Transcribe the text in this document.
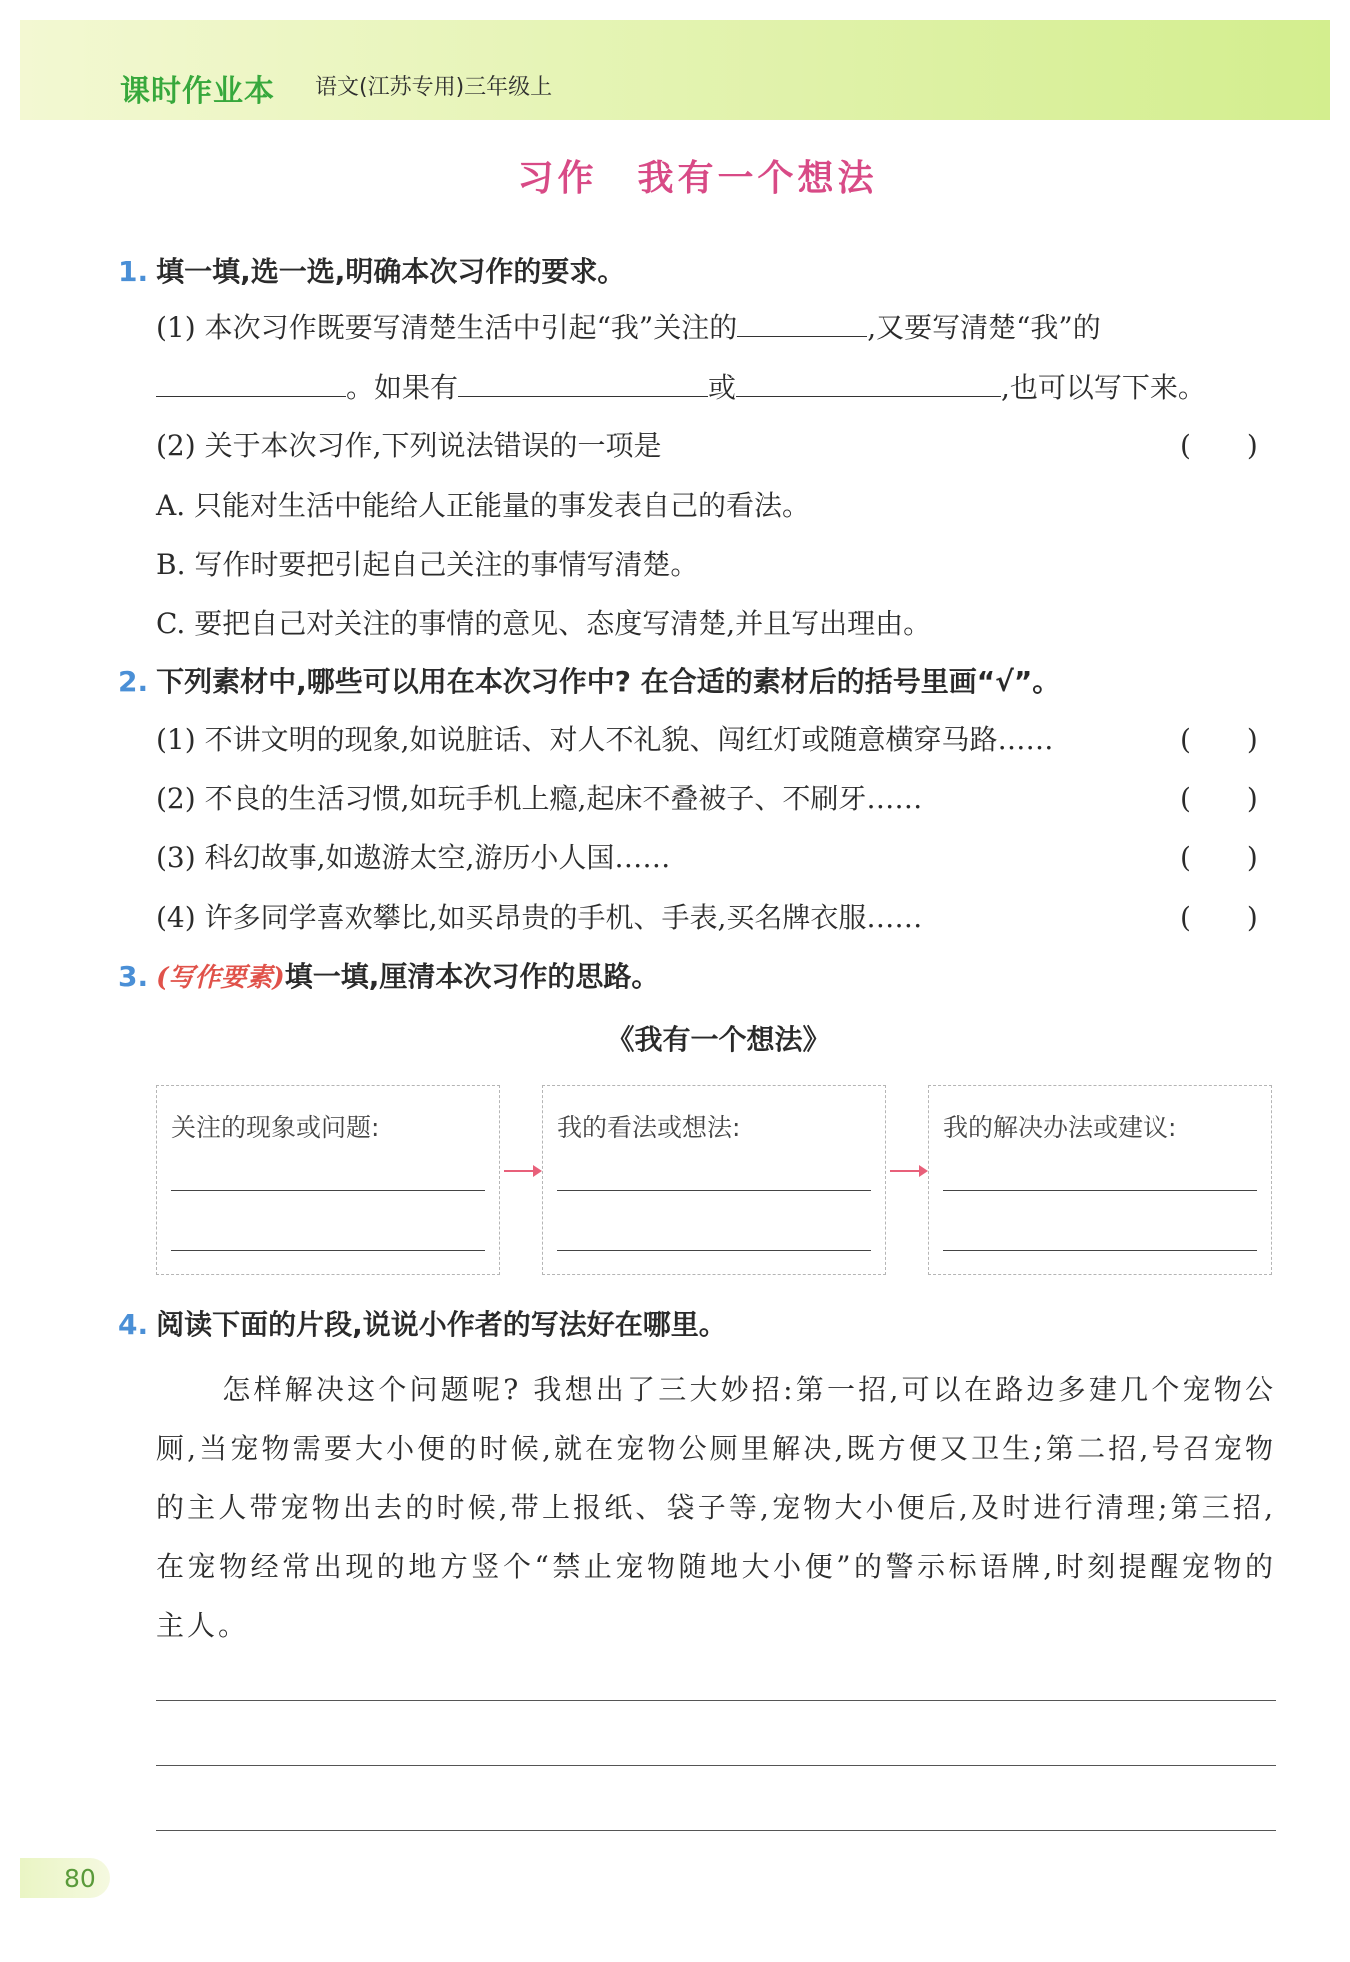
课时作业本 语文(江苏专用)三年级上
习作　我有一个想法
1. 填一填,选一选,明确本次习作的要求。
(1) 本次习作既要写清楚生活中引起“我”关注的	,又要写清楚“我”的
。如果有	或	,也可以写下来。
(2) 关于本次习作,下列说法错误的一项是	(　　)
A. 只能对生活中能给人正能量的事发表自己的看法。
B. 写作时要把引起自己关注的事情写清楚。
C. 要把自己对关注的事情的意见、态度写清楚,并且写出理由。
2. 下列素材中,哪些可以用在本次习作中? 在合适的素材后的括号里画“√”。
(1) 不讲文明的现象,如说脏话、对人不礼貌、闯红灯或随意横穿马路……	(　　)
(2) 不良的生活习惯,如玩手机上瘾,起床不叠被子、不刷牙……	(　　)
(3) 科幻故事,如遨游太空,游历小人国……	(　　)
(4) 许多同学喜欢攀比,如买昂贵的手机、手表,买名牌衣服……	(　　)
3. (写作要素)填一填,厘清本次习作的思路。
《我有一个想法》
关注的现象或问题:	我的看法或想法:	我的解决办法或建议:
4. 阅读下面的片段,说说小作者的写法好在哪里。
怎样解决这个问题呢? 我想出了三大妙招:第一招,可以在路边多建几个宠物公厕,当宠物需要大小便的时候,就在宠物公厕里解决,既方便又卫生;第二招,号召宠物的主人带宠物出去的时候,带上报纸、袋子等,宠物大小便后,及时进行清理;第三招,在宠物经常出现的地方竖个“禁止宠物随地大小便”的警示标语牌,时刻提醒宠物的主人。
80
